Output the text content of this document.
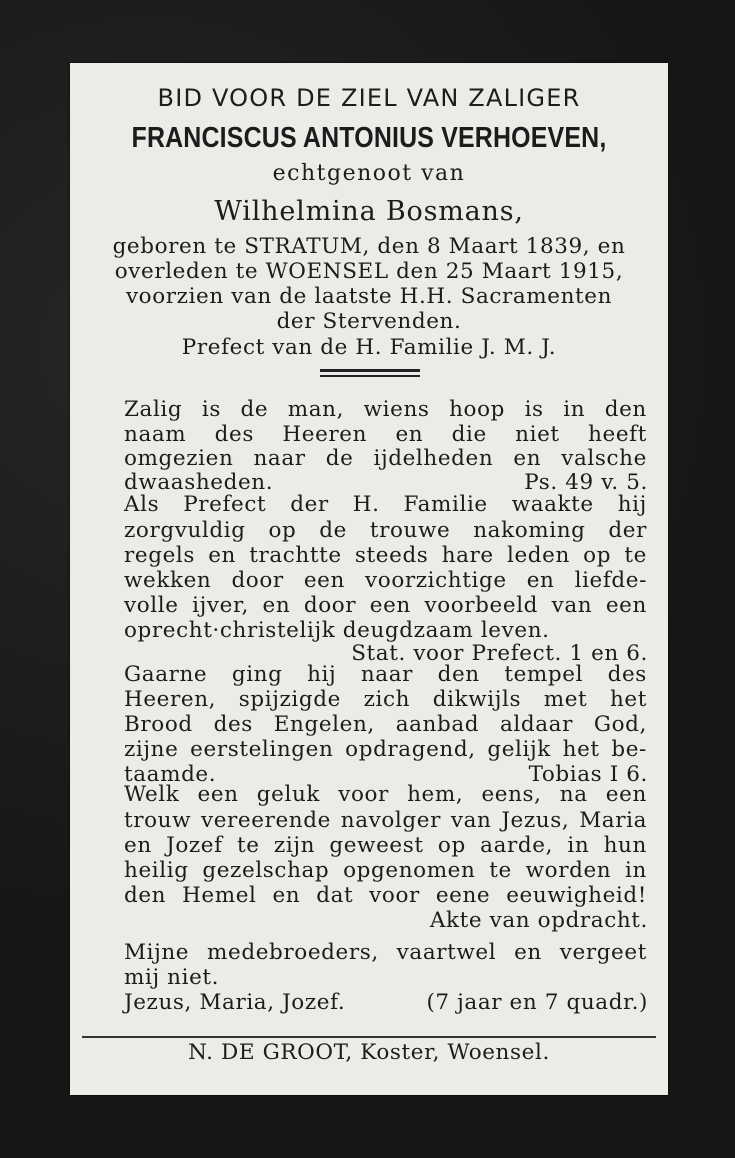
BID VOOR DE ZIEL VAN ZALIGER
FRANCISCUS ANTONIUS VERHOEVEN,
echtgenoot van
Wilhelmina Bosmans,
geboren te STRATUM, den 8 Maart 1839, en
overleden te WOENSEL den 25 Maart 1915,
voorzien van de laatste H.H. Sacramenten
der Stervenden.
Prefect van de H. Familie J. M. J.
Zalig is de man, wiens hoop is in den
naam des Heeren en die niet heeft
omgezien naar de ijdelheden en valsche
Als Prefect der H. Familie waakte hij
zorgvuldig op de trouwe nakoming der
regels en trachtte steeds hare leden op te
wekken door een voorzichtige en liefde-
volle ijver, en door een voorbeeld van een
Gaarne ging hij naar den tempel des
Heeren, spijzigde zich dikwijls met het
Brood des Engelen, aanbad aldaar God,
zijne eerstelingen opdragend, gelijk het be-
Welk een geluk voor hem, eens, na een
trouw vereerende navolger van Jezus, Maria
en Jozef te zijn geweest op aarde, in hun
heilig gezelschap opgenomen te worden in
den Hemel en dat voor eene eeuwigheid!
Mijne medebroeders, vaartwel en vergeet
taamde.	Tobias I 6.
dwaasheden.	Ps. 49 v. 5.
oprecht·christelijk deugdzaam leven.
Stat. voor Prefect. 1 en 6.
Akte van opdracht.
mij niet.
Jezus, Maria, Jozef.	(7 jaar en 7 quadr.)
N. DE GROOT, Koster, Woensel.
